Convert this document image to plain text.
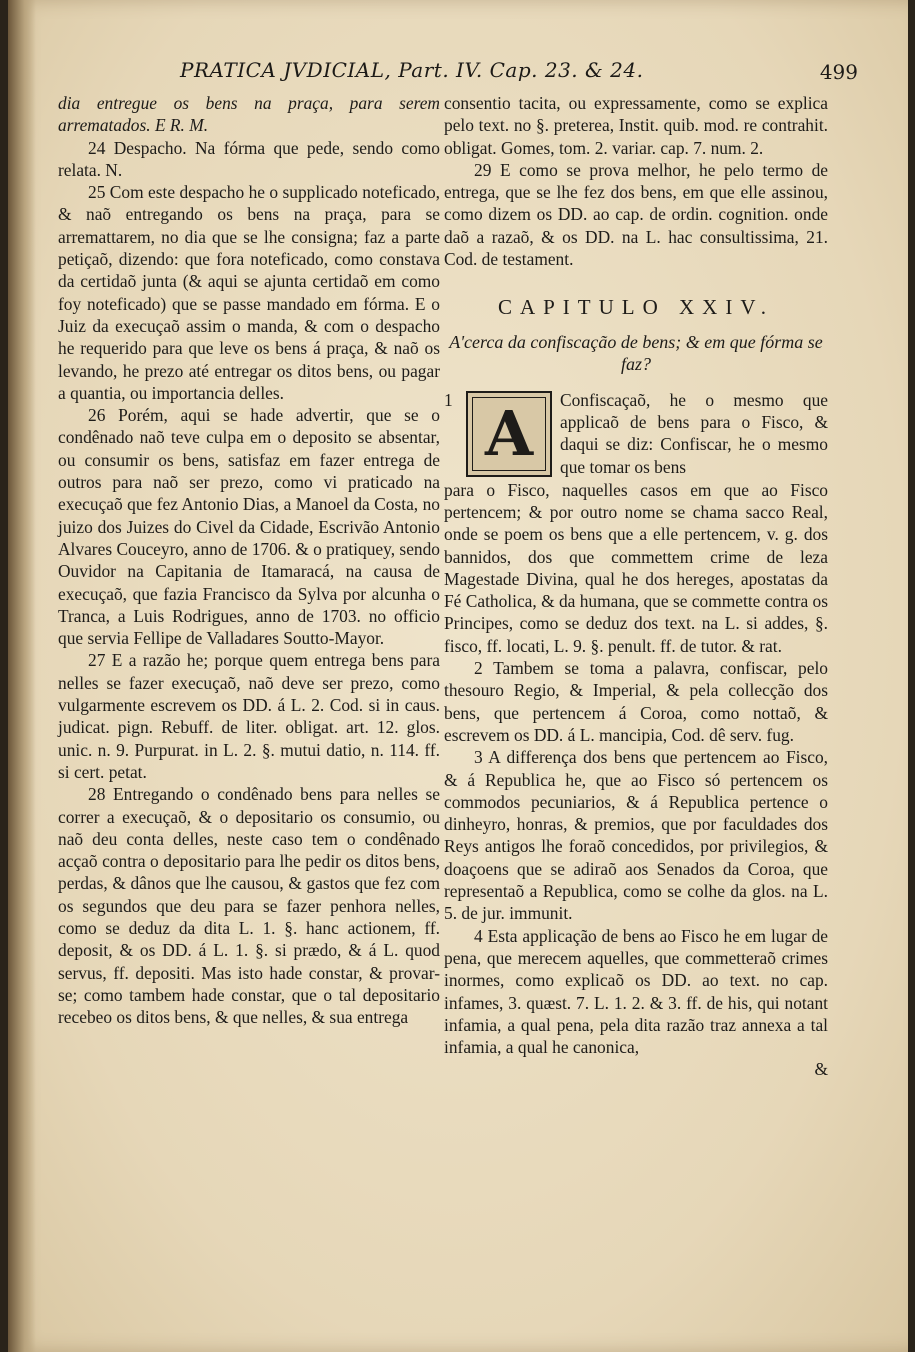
PRATICA JVDICIAL, Part. IV. Cap. 23. & 24.	499

dia entregue os bens na praça, para serem arrematados. E R. M.

24 Despacho. Na fórma que pede, sendo como relata. N.

25 Com este despacho he o supplicado noteficado, & naõ entregando os bens na praça, para se arremattarem, no dia que se lhe consigna; faz a parte petiçaõ, dizendo: que fora noteficado, como constava da certidaõ junta (& aqui se ajunta certidaõ em como foy noteficado) que se passe mandado em fórma. E o Juiz da execuçaõ assim o manda, & com o despacho he requerido para que leve os bens á praça, & naõ os levando, he prezo até entregar os ditos bens, ou pagar a quantia, ou importancia delles.

26 Porém, aqui se hade advertir, que se o condênado naõ teve culpa em o deposito se absentar, ou consumir os bens, satisfaz em fazer entrega de outros para naõ ser prezo, como vi praticado na execuçaõ que fez Antonio Dias, a Manoel da Costa, no juizo dos Juizes do Civel da Cidade, Escrivão Antonio Alvares Couceyro, anno de 1706. & o pratiquey, sendo Ouvidor na Capitania de Itamaracá, na causa de execuçaõ, que fazia Francisco da Sylva por alcunha o Tranca, a Luis Rodrigues, anno de 1703. no officio que servia Fellipe de Valladares Soutto-Mayor.

27 E a razão he; porque quem entrega bens para nelles se fazer execuçaõ, naõ deve ser prezo, como vulgarmente escrevem os DD. á L. 2. Cod. si in caus. judicat. pign. Rebuff. de liter. obligat. art. 12. glos. unic. n. 9. Purpurat. in L. 2. §. mutui datio, n. 114. ff. si cert. petat.

28 Entregando o condênado bens para nelles se correr a execuçaõ, & o depositario os consumio, ou naõ deu conta delles, neste caso tem o condênado acçaõ contra o depositario para lhe pedir os ditos bens, perdas, & dânos que lhe causou, & gastos que fez com os segundos que deu para se fazer penhora nelles, como se deduz da dita L. 1. §. hanc actionem, ff. deposit, & os DD. á L. 1. §. si prædo, & á L. quod servus, ff. depositi. Mas isto hade constar, & provar-se; como tambem hade constar, que o tal depositario recebeo os ditos bens, & que nelles, & sua entrega

consentio tacita, ou expressamente, como se explica pelo text. no §. preterea, Instit. quib. mod. re contrahit. obligat. Gomes, tom. 2. variar. cap. 7. num. 2.

29 E como se prova melhor, he pelo termo de entrega, que se lhe fez dos bens, em que elle assinou, como dizem os DD. ao cap. de ordin. cognition. onde daõ a razaõ, & os DD. na L. hac consultissima, 21. Cod. de testament.

CAPITULO XXIV.
A'cerca da confiscação de bens; & em que fórma se faz?
1 A Confiscaçaõ, he o mesmo que applicaõ de bens para o Fisco, & daqui se diz: Confiscar, he o mesmo que tomar os bens

para o Fisco, naquelles casos em que ao Fisco pertencem; & por outro nome se chama sacco Real, onde se poem os bens que a elle pertencem, v. g. dos bannidos, dos que commettem crime de leza Magestade Divina, qual he dos hereges, apostatas da Fé Catholica, & da humana, que se commette contra os Principes, como se deduz dos text. na L. si addes, §. fisco, ff. locati, L. 9. §. penult. ff. de tutor. & rat.

2 Tambem se toma a palavra, confiscar, pelo thesouro Regio, & Imperial, & pela collecção dos bens, que pertencem á Coroa, como nottaõ, & escrevem os DD. á L. mancipia, Cod. dê serv. fug.

3 A differença dos bens que pertencem ao Fisco, & á Republica he, que ao Fisco só pertencem os commodos pecuniarios, & á Republica pertence o dinheyro, honras, & premios, que por faculdades dos Reys antigos lhe foraõ concedidos, por privilegios, & doaçoens que se adiraõ aos Senados da Coroa, que representaõ a Republica, como se colhe da glos. na L. 5. de jur. immunit.

4 Esta applicação de bens ao Fisco he em lugar de pena, que merecem aquelles, que commetteraõ crimes inormes, como explicaõ os DD. ao text. no cap. infames, 3. quæst. 7. L. 1. 2. & 3. ff. de his, qui notant infamia, a qual pena, pela dita razão traz annexa a tal infamia, a qual he canonica,

&
